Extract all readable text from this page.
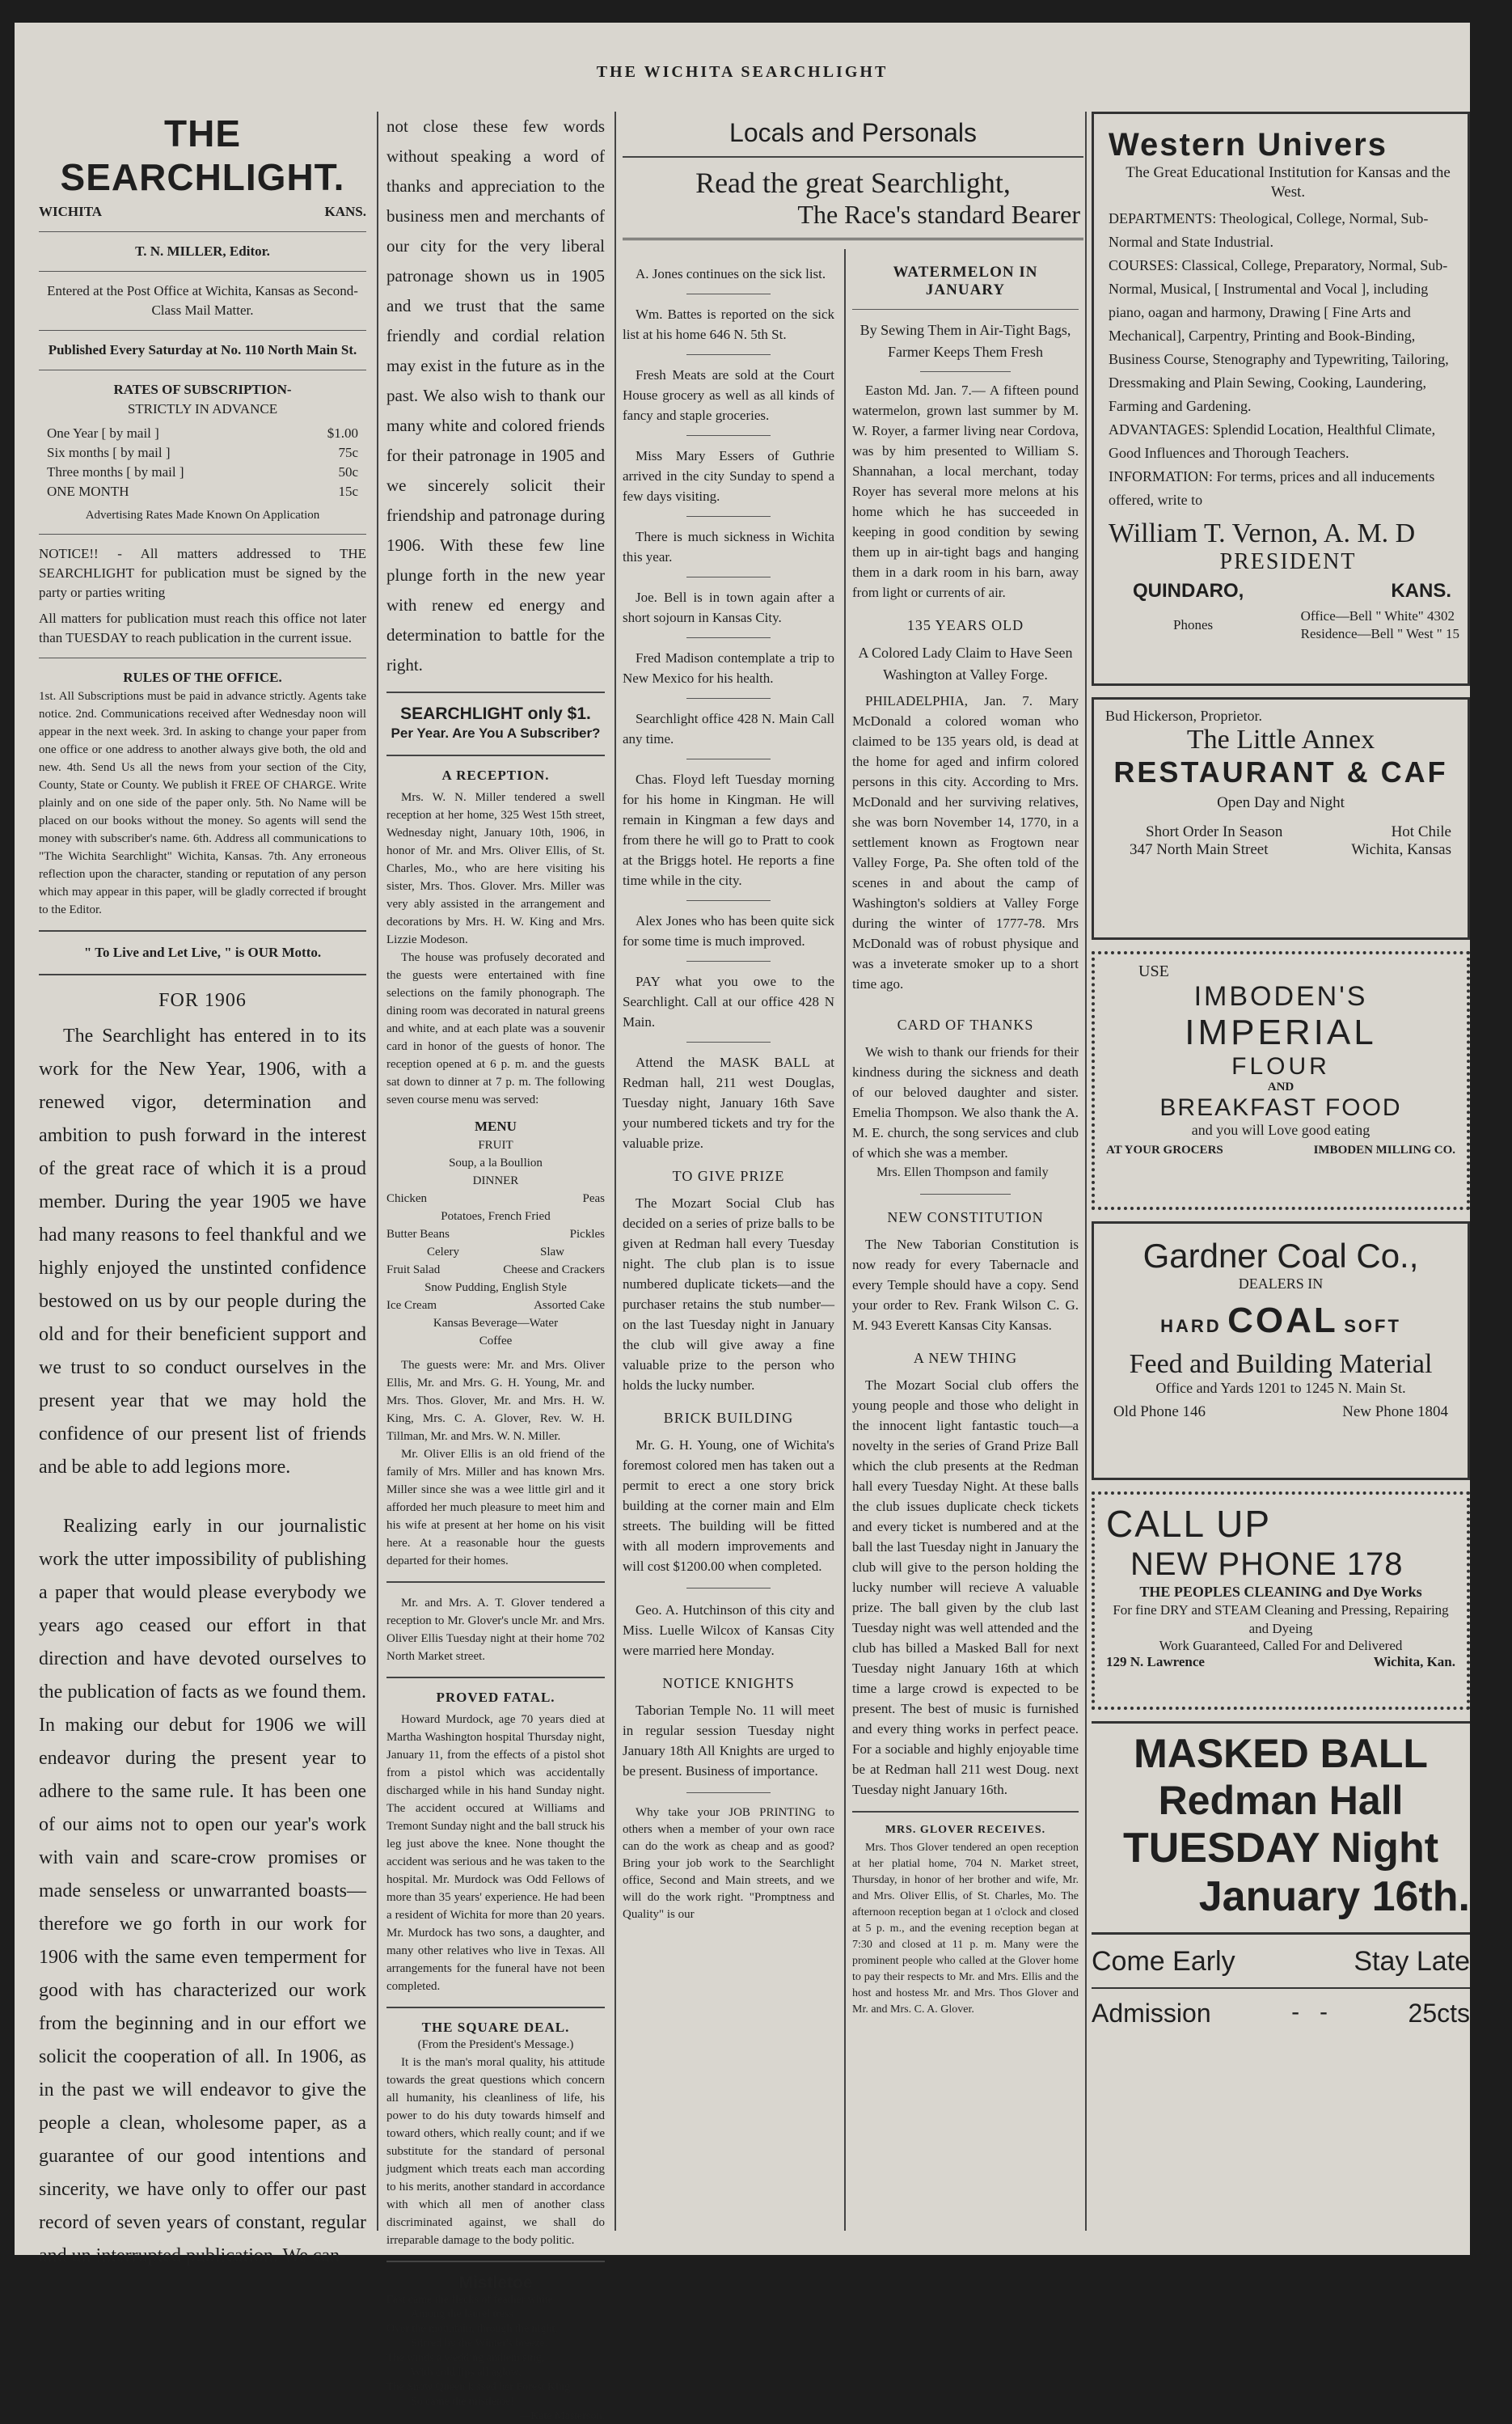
THE WICHITA SEARCHLIGHT
THE SEARCHLIGHT.
WICHITA	KANS.
T. N. MILLER, Editor.
Entered at the Post Office at Wichita, Kansas as Second-Class Mail Matter.
Published Every Saturday at No. 110 North Main St.
RATES OF SUBSCRIPTION-
STRICTLY IN ADVANCE
One Year [ by mail ]	$1.00
Six months [ by mail ]	75c
Three months [ by mail ]	50c
ONE MONTH	15c
Advertising Rates Made Known On Application
NOTICE!! - All matters addressed to THE SEARCHLIGHT for publication must be signed by the party or parties writing
All matters for publication must reach this office not later than TUESDAY to reach publication in the current issue.
RULES OF THE OFFICE.
1st. All Subscriptions must be paid in advance strictly. Agents take notice. 2nd. Communications received after Wednesday noon will appear in the next week. 3rd. In asking to change your paper from one office or one address to another always give both, the old and new. 4th. Send Us all the news from your section of the City, County, State or County. We publish it FREE OF CHARGE. Write plainly and on one side of the paper only. 5th. No Name will be placed on our books without the money. So agents will send the money with subscriber's name. 6th. Address all communications to "The Wichita Searchlight" Wichita, Kansas. 7th. Any erroneous reflection upon the character, standing or reputation of any person which may appear in this paper, will be gladly corrected if brought to the Editor.
" To Live and Let Live, " is OUR Motto.
FOR 1906
The Searchlight has entered in to its work for the New Year, 1906, with a renewed vigor, determination and ambition to push forward in the interest of the great race of which it is a proud member. During the year 1905 we have had many reasons to feel thankful and we highly enjoyed the unstinted confidence bestowed on us by our people during the old and for their beneficient support and we trust to so conduct ourselves in the present year that we may hold the confidence of our present list of friends and be able to add legions more.
Realizing early in our journalistic work the utter impossibility of publishing a paper that would please everybody we years ago ceased our effort in that direction and have devoted ourselves to the publication of facts as we found them. In making our debut for 1906 we will endeavor during the present year to adhere to the same rule. It has been one of our aims not to open our year's work with vain and scare-crow promises or made senseless or unwarranted boasts—therefore we go forth in our work for 1906 with the same even temperment for good with has characterized our work from the beginning and in our effort we solicit the cooperation of all. In 1906, as in the past we will endeavor to give the people a clean, wholesome paper, as a guarantee of our good intentions and sincerity, we have only to offer our past record of seven years of constant, regular and un interrupted publication. We can-
not close these few words without speaking a word of thanks and appreciation to the business men and merchants of our city for the very liberal patronage shown us in 1905 and we trust that the same friendly and cordial relation may exist in the future as in the past. We also wish to thank our many white and colored friends for their patronage in 1905 and we sincerely solicit their friendship and patronage during 1906. With these few line plunge forth in the new year with renew ed energy and determination to battle for the right.
SEARCHLIGHT only $1.
Per Year. Are You A Subscriber?
A RECEPTION.
Mrs. W. N. Miller tendered a swell reception at her home, 325 West 15th street, Wednesday night, January 10th, 1906, in honor of Mr. and Mrs. Oliver Ellis, of St. Charles, Mo., who are here visiting his sister, Mrs. Thos. Glover. Mrs. Miller was very ably assisted in the arrangement and decorations by Mrs. H. W. King and Mrs. Lizzie Modeson.
The house was profusely decorated and the guests were entertained with fine selections on the family phonograph. The dining room was decorated in natural greens and white, and at each plate was a souvenir card in honor of the guests of honor. The reception opened at 6 p. m. and the guests sat down to dinner at 7 p. m. The following seven course menu was served:
MENU
FRUIT
Soup, a la Boullion
DINNER
Chicken	Peas
Potatoes, French Fried
Butter Beans	Pickles
Celery	Slaw
Fruit Salad	Cheese and Crackers
Snow Pudding, English Style
Ice Cream	Assorted Cake
Kansas Beverage—Water
Coffee
The guests were: Mr. and Mrs. Oliver Ellis, Mr. and Mrs. G. H. Young, Mr. and Mrs. Thos. Glover, Mr. and Mrs. H. W. King, Mrs. C. A. Glover, Rev. W. H. Tillman, Mr. and Mrs. W. N. Miller.
Mr. Oliver Ellis is an old friend of the family of Mrs. Miller and has known Mrs. Miller since she was a wee little girl and it afforded her much pleasure to meet him and his wife at present at her home on his visit here. At a reasonable hour the guests departed for their homes.
Mr. and Mrs. A. T. Glover tendered a reception to Mr. Glover's uncle Mr. and Mrs. Oliver Ellis Tuesday night at their home 702 North Market street.
PROVED FATAL.
Howard Murdock, age 70 years died at Martha Washington hospital Thursday night, January 11, from the effects of a pistol shot from a pistol which was accidentally discharged while in his hand Sunday night. The accident occured at Williams and Tremont Sunday night and the ball struck his leg just above the knee. None thought the accident was serious and he was taken to the hospital. Mr. Murdock was Odd Fellows of more than 35 years' experience. He had been a resident of Wichita for more than 20 years. Mr. Murdock has two sons, a daughter, and many other relatives who live in Texas. All arrangements for the funeral have not been completed.
THE SQUARE DEAL.
(From the President's Message.)
It is the man's moral quality, his attitude towards the great questions which concern all humanity, his cleanliness of life, his power to do his duty towards himself and toward others, which really count; and if we substitute for the standard of personal judgment which treats each man according to his merits, another standard in accordance with which all men of another class discriminated against, we shall do irreparable damage to the body politic.
Mistletoe
Fast came the flecks of feather white
Among the laurel tress
Over the mountain, through the night,
Stirred by the Winter's breeze.
The winds a wedding anthem sing,
With cold lips all aglow,
The Snow Queen kissed her Forest King
So came the mistletoe!
—Kate Masterson.
Locals and Personals
Read the great Searchlight,
The Race's standard Bearer
A. Jones continues on the sick list.
Wm. Battes is reported on the sick list at his home 646 N. 5th St.
Fresh Meats are sold at the Court House grocery as well as all kinds of fancy and staple groceries.
Miss Mary Essers of Guthrie arrived in the city Sunday to spend a few days visiting.
There is much sickness in Wichita this year.
Joe. Bell is in town again after a short sojourn in Kansas City.
Fred Madison contemplate a trip to New Mexico for his health.
Searchlight office 428 N. Main Call any time.
Chas. Floyd left Tuesday morning for his home in Kingman. He will remain in Kingman a few days and from there he will go to Pratt to cook at the Briggs hotel. He reports a fine time while in the city.
Alex Jones who has been quite sick for some time is much improved.
PAY what you owe to the Searchlight. Call at our office 428 N Main.
Attend the MASK BALL at Redman hall, 211 west Douglas, Tuesday night, January 16th Save your numbered tickets and try for the valuable prize.
TO GIVE PRIZE
The Mozart Social Club has decided on a series of prize balls to be given at Redman hall every Tuesday night. The club plan is to issue numbered duplicate tickets—and the purchaser retains the stub number—on the last Tuesday night in January the club will give away a fine valuable prize to the person who holds the lucky number.
BRICK BUILDING
Mr. G. H. Young, one of Wichita's foremost colored men has taken out a permit to erect a one story brick building at the corner main and Elm streets. The building will be fitted with all modern improvements and will cost $1200.00 when completed.
Geo. A. Hutchinson of this city and Miss. Luelle Wilcox of Kansas City were married here Monday.
NOTICE KNIGHTS
Taborian Temple No. 11 will meet in regular session Tuesday night January 18th All Knights are urged to be present. Business of importance.
Why take your JOB PRINTING to others when a member of your own race can do the work as cheap and as good? Bring your job work to the Searchlight office, Second and Main streets, and we will do the work right. "Promptness and Quality" is our
WATERMELON IN JANUARY
By Sewing Them in Air-Tight Bags, Farmer Keeps Them Fresh
Easton Md. Jan. 7.— A fifteen pound watermelon, grown last summer by M. W. Royer, a farmer living near Cordova, was by him presented to William S. Shannahan, a local merchant, today Royer has several more melons at his home which he has succeeded in keeping in good condition by sewing them up in air-tight bags and hanging them in a dark room in his barn, away from light or currents of air.
135 YEARS OLD
A Colored Lady Claim to Have Seen Washington at Valley Forge.
PHILADELPHIA, Jan. 7. Mary McDonald a colored woman who claimed to be 135 years old, is dead at the home for aged and infirm colored persons in this city. According to Mrs. McDonald and her surviving relatives, she was born November 14, 1770, in a settlement known as Frogtown near Valley Forge, Pa. She often told of the scenes in and about the camp of Washington's soldiers at Valley Forge during the winter of 1777-78. Mrs McDonald was of robust physique and was a inveterate smoker up to a short time ago.
CARD OF THANKS
We wish to thank our friends for their kindness during the sickness and death of our beloved daughter and sister. Emelia Thompson. We also thank the A. M. E. church, the song services and club of which she was a member.
Mrs. Ellen Thompson and family
NEW CONSTITUTION
The New Taborian Constitution is now ready for every Tabernacle and every Temple should have a copy. Send your order to Rev. Frank Wilson C. G. M. 943 Everett Kansas City Kansas.
A NEW THING
The Mozart Social club offers the young people and those who delight in the innocent light fantastic touch—a novelty in the series of Grand Prize Ball which the club presents at the Redman hall every Tuesday Night. At these balls the club issues duplicate check tickets and every ticket is numbered and at the ball the last Tuesday night in January the club will give to the person holding the lucky number will recieve A valuable prize. The ball given by the club last Tuesday night was well attended and the club has billed a Masked Ball for next Tuesday night January 16th at which time a large crowd is expected to be present. The best of music is furnished and every thing works in perfect peace. For a sociable and highly enjoyable time be at Redman hall 211 west Doug. next Tuesday night January 16th.
MRS. GLOVER RECEIVES.
Mrs. Thos Glover tendered an open reception at her platial home, 704 N. Market street, Thursday, in honor of her brother and wife, Mr. and Mrs. Oliver Ellis, of St. Charles, Mo. The afternoon reception began at 1 o'clock and closed at 5 p. m., and the evening reception began at 7:30 and closed at 11 p. m. Many were the prominent people who called at the Glover home to pay their respects to Mr. and Mrs. Ellis and the host and hostess Mr. and Mrs. Thos Glover and Mr. and Mrs. C. A. Glover.
Western Univers
The Great Educational Institution for Kansas and the West.
DEPARTMENTS: Theological, College, Normal, Sub-Normal and State Industrial.
COURSES: Classical, College, Preparatory, Normal, Sub-Normal, Musical, [ Instrumental and Vocal ], including piano, oagan and harmony, Drawing [ Fine Arts and Mechanical], Carpentry, Printing and Book-Binding, Business Course, Stenography and Typewriting, Tailoring, Dressmaking and Plain Sewing, Cooking, Laundering, Farming and Gardening.
ADVANTAGES: Splendid Location, Healthful Climate, Good Influences and Thorough Teachers.
INFORMATION: For terms, prices and all inducements offered, write to
William T. Vernon, A. M. D
PRESIDENT
QUINDARO,	KANS.
Phones
Office—Bell " White" 4302
Residence—Bell " West " 15
Bud Hickerson, Proprietor.
The Little Annex
RESTAURANT & CAF
Open Day and Night
Short Order In Season	Hot Chile
347 North Main Street	Wichita, Kansas
USE
IMBODEN'S
IMPERIAL
FLOUR
AND
BREAKFAST FOOD
and you will Love good eating
AT YOUR GROCERS	IMBODEN MILLING CO.
Gardner Coal Co.,
DEALERS IN
HARD COAL SOFT
Feed and Building Material
Office and Yards 1201 to 1245 N. Main St.
Old Phone 146	New Phone 1804
CALL UP
NEW PHONE 178
THE PEOPLES CLEANING and Dye Works
For fine DRY and STEAM Cleaning and Pressing, Repairing and Dyeing
Work Guaranteed, Called For and Delivered
129 N. Lawrence	Wichita, Kan.
MASKED BALL
Redman Hall
TUESDAY Night
January 16th.
Come Early	Stay Late
Admission	-   -	25cts
